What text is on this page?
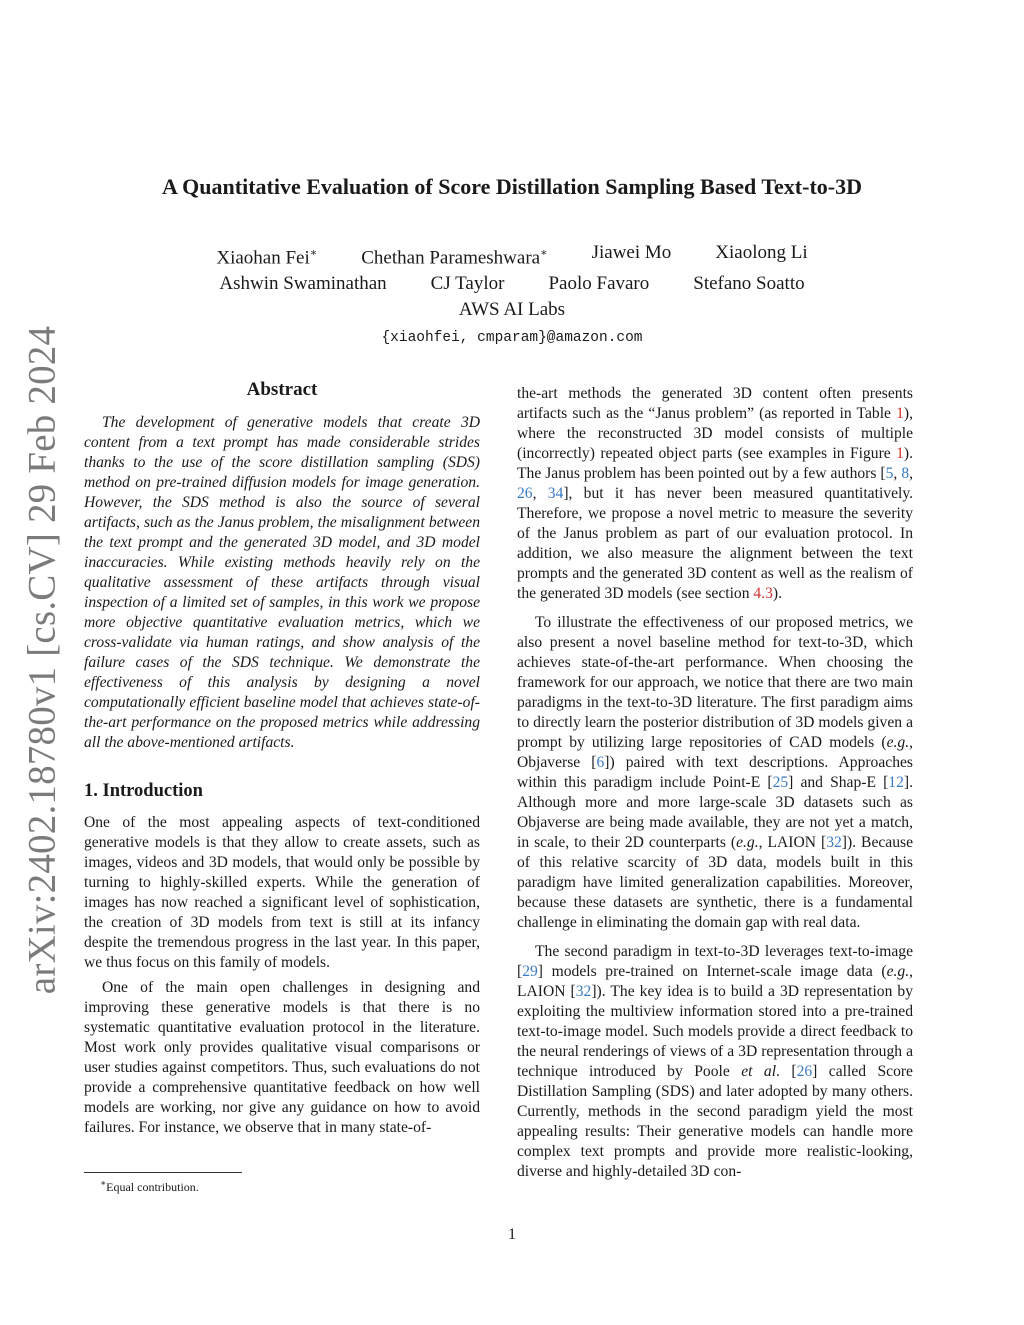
arXiv:2402.18780v1 [cs.CV] 29 Feb 2024
A Quantitative Evaluation of Score Distillation Sampling Based Text-to-3D
Xiaohan Fei∗ Chethan Parameshwara∗ Jiawei Mo Xiaolong Li
Ashwin Swaminathan CJ Taylor Paolo Favaro Stefano Soatto
AWS AI Labs
{xiaohfei, cmparam}@amazon.com
Abstract

The development of generative models that create 3D content from a text prompt has made considerable strides thanks to the use of the score distillation sampling (SDS) method on pre-trained diffusion models for image generation. However, the SDS method is also the source of several artifacts, such as the Janus problem, the misalignment between the text prompt and the generated 3D model, and 3D model inaccuracies. While existing methods heavily rely on the qualitative assessment of these artifacts through visual inspection of a limited set of samples, in this work we propose more objective quantitative evaluation metrics, which we cross-validate via human ratings, and show analysis of the failure cases of the SDS technique. We demonstrate the effectiveness of this analysis by designing a novel computationally efficient baseline model that achieves state-of-the-art performance on the proposed metrics while addressing all the above-mentioned artifacts.

1. Introduction

One of the most appealing aspects of text-conditioned generative models is that they allow to create assets, such as images, videos and 3D models, that would only be possible by turning to highly-skilled experts. While the generation of images has now reached a significant level of sophistication, the creation of 3D models from text is still at its infancy despite the tremendous progress in the last year. In this paper, we thus focus on this family of models.

One of the main open challenges in designing and improving these generative models is that there is no systematic quantitative evaluation protocol in the literature. Most work only provides qualitative visual comparisons or user studies against competitors. Thus, such evaluations do not provide a comprehensive quantitative feedback on how well models are working, nor give any guidance on how to avoid failures. For instance, we observe that in many state-of-

the-art methods the generated 3D content often presents artifacts such as the “Janus problem” (as reported in Table 1), where the reconstructed 3D model consists of multiple (incorrectly) repeated object parts (see examples in Figure 1). The Janus problem has been pointed out by a few authors [5, 8, 26, 34], but it has never been measured quantitatively. Therefore, we propose a novel metric to measure the severity of the Janus problem as part of our evaluation protocol. In addition, we also measure the alignment between the text prompts and the generated 3D content as well as the realism of the generated 3D models (see section 4.3).

To illustrate the effectiveness of our proposed metrics, we also present a novel baseline method for text-to-3D, which achieves state-of-the-art performance. When choosing the framework for our approach, we notice that there are two main paradigms in the text-to-3D literature. The first paradigm aims to directly learn the posterior distribution of 3D models given a prompt by utilizing large repositories of CAD models (e.g., Objaverse [6]) paired with text descriptions. Approaches within this paradigm include Point-E [25] and Shap-E [12]. Although more and more large-scale 3D datasets such as Objaverse are being made available, they are not yet a match, in scale, to their 2D counterparts (e.g., LAION [32]). Because of this relative scarcity of 3D data, models built in this paradigm have limited generalization capabilities. Moreover, because these datasets are synthetic, there is a fundamental challenge in eliminating the domain gap with real data.

The second paradigm in text-to-3D leverages text-to-image [29] models pre-trained on Internet-scale image data (e.g., LAION [32]). The key idea is to build a 3D representation by exploiting the multiview information stored into a pre-trained text-to-image model. Such models provide a direct feedback to the neural renderings of views of a 3D representation through a technique introduced by Poole et al. [26] called Score Distillation Sampling (SDS) and later adopted by many others. Currently, methods in the second paradigm yield the most appealing results: Their generative models can handle more complex text prompts and provide more realistic-looking, diverse and highly-detailed 3D con-

∗Equal contribution.
1
